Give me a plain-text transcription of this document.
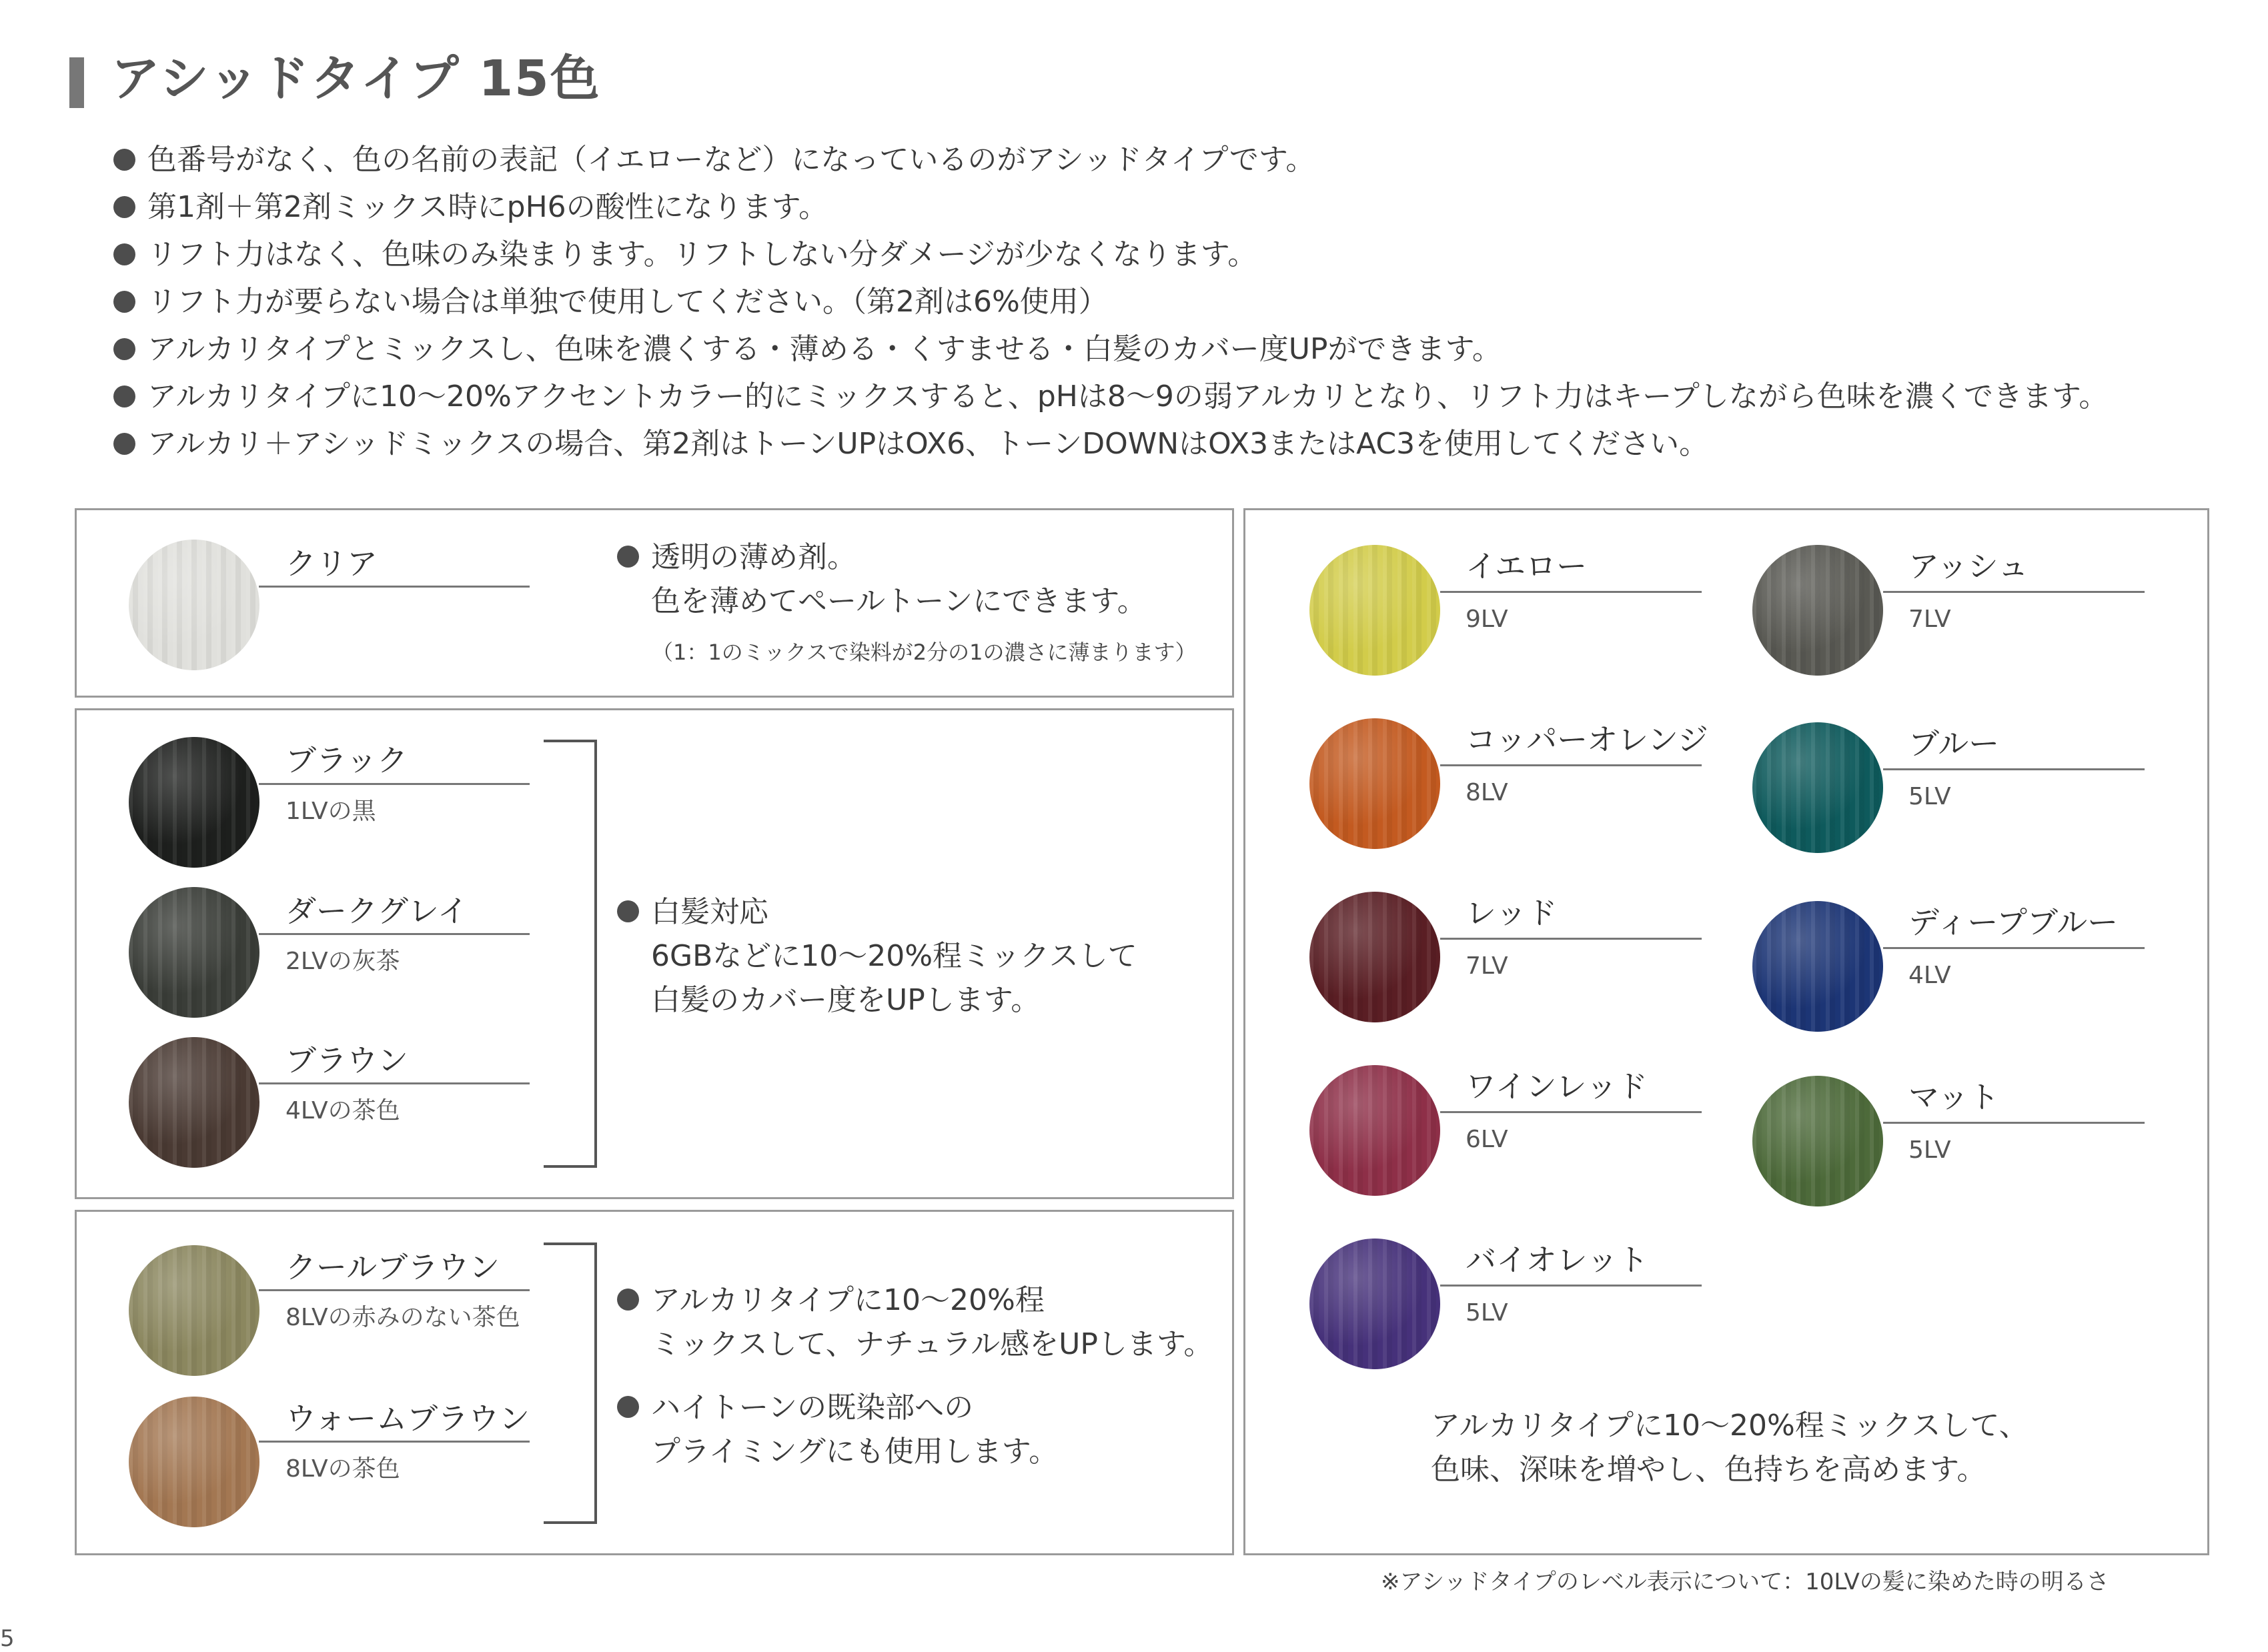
アシッドタイプ 15色
色番号がなく、色の名前の表記（イエローなど）になっているのがアシッドタイプです。
第1剤＋第2剤ミックス時にpH6の酸性になります。
リフト力はなく、色味のみ染まります。リフトしない分ダメージが少なくなります。
リフト力が要らない場合は単独で使用してください。（第2剤は6%使用）
アルカリタイプとミックスし、色味を濃くする・薄める・くすませる・白髪のカバー度UPができます。
アルカリタイプに10〜20%アクセントカラー的にミックスすると、pHは8〜9の弱アルカリとなり、リフト力はキープしながら色味を濃くできます。
アルカリ＋アシッドミックスの場合、第2剤はトーンUPはOX6、トーンDOWNはOX3またはAC3を使用してください。
クリア	透明の薄め剤。
色を薄めてペールトーンにできます。
（1：1のミックスで染料が2分の1の濃さに薄まります）
ブラック
1LVの黒
ダークグレイ
2LVの灰茶
ブラウン
4LVの茶色
白髪対応
6GBなどに10〜20%程ミックスして
白髪のカバー度をUPします。
クールブラウン
8LVの赤みのない茶色
ウォームブラウン
8LVの茶色
アルカリタイプに10〜20%程
ミックスして、ナチュラル感をUPします。
ハイトーンの既染部への
プライミングにも使用します。
イエロー
9LV
コッパーオレンジ
8LV
レッド
7LV
ワインレッド
6LV
バイオレット
5LV
アッシュ
7LV
ブルー
5LV
ディープブルー
4LV
マット
5LV
アルカリタイプに10〜20%程ミックスして、
色味、深味を増やし、色持ちを高めます。
※アシッドタイプのレベル表示について：10LVの髪に染めた時の明るさ
5
